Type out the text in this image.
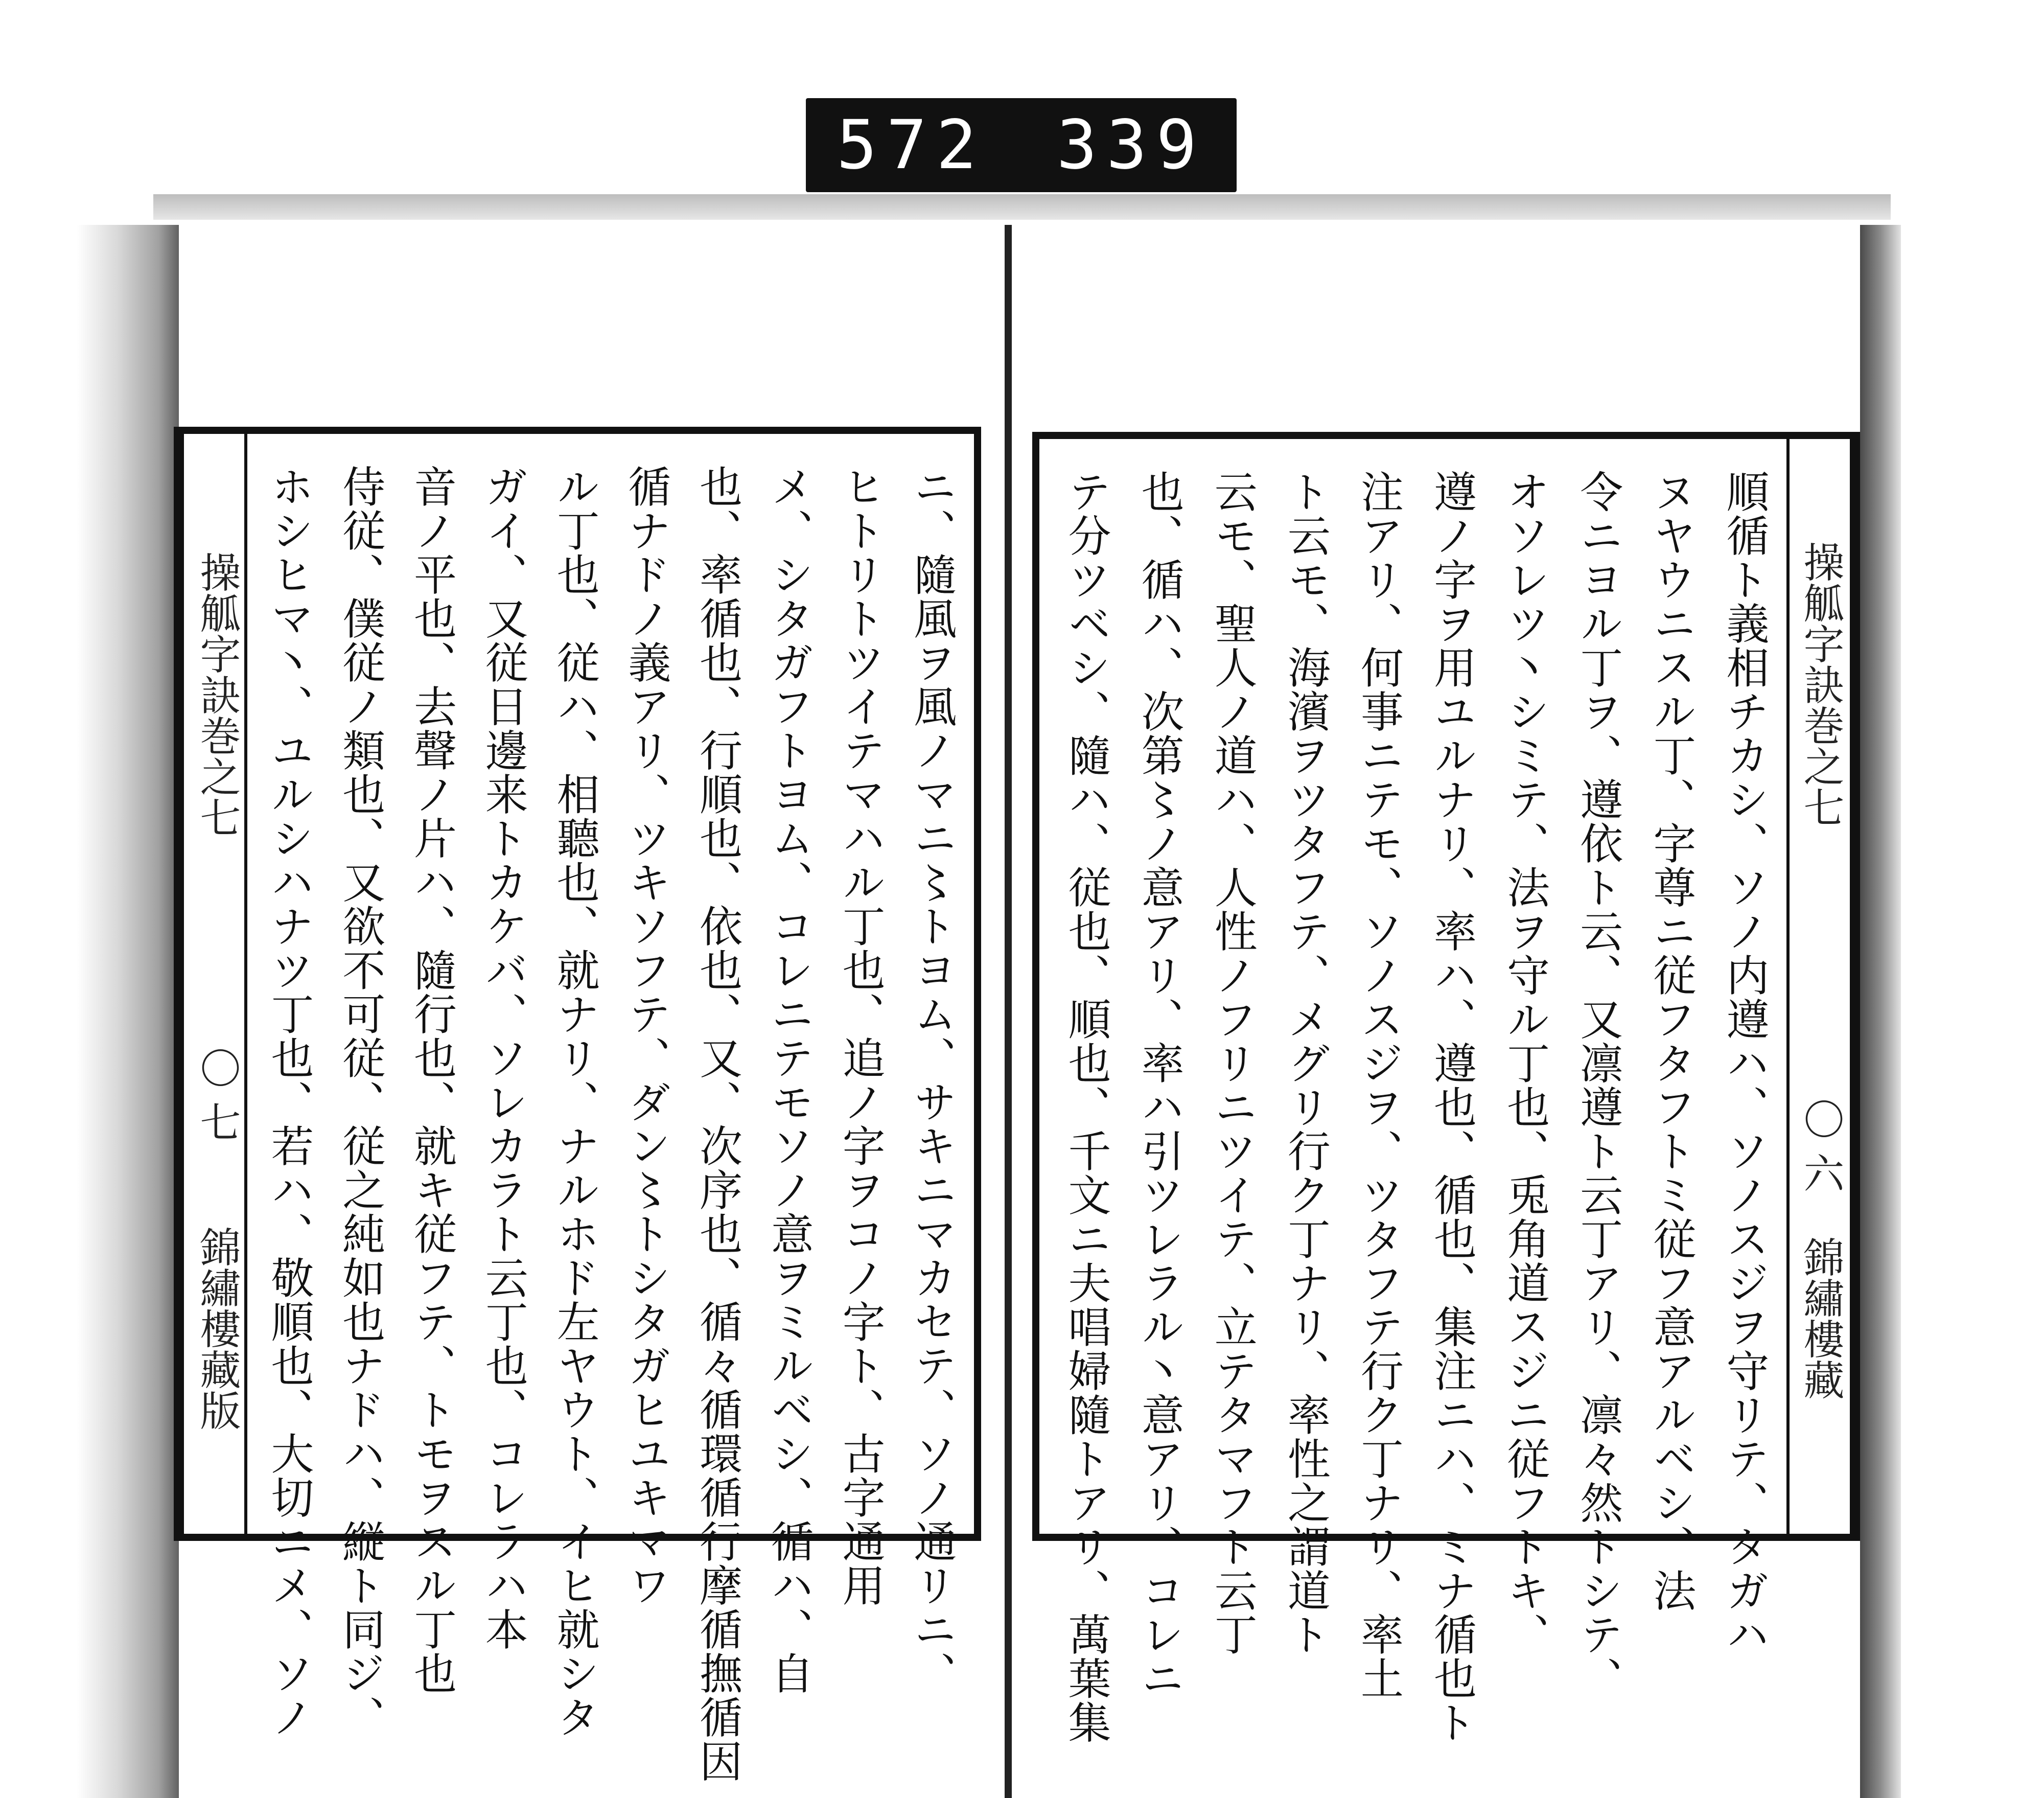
572 339
操觚字訣巻之七
〇 七
錦繡樓藏版	ニ、隨風ヲ風ノマニ〻トヨム、サキニマカセテ、ソノ通リニ、
ヒトリトツイテマハル丁也、追ノ字ヲコノ字ト、古字通用
メ、シタガフトヨム、コレニテモソノ意ヲミルベシ、循ハ、自
也、率循也、行順也、依也、又、次序也、循々循環循行摩循撫循因
循ナドノ義アリ、ツキソフテ、ダン〻トシタガヒユキマワ
ル丁也、従ハ、相聽也、就ナリ、ナルホド左ヤウト、イヒ就シタ
ガイ、又従日邊来トカケバ、ソレカラト云丁也、コレラハ本
音ノ平也、去聲ノ片ハ、隨行也、就キ従フテ、トモヲスル丁也
侍従、僕従ノ類也、又欲不可従、従之純如也ナドハ、縦ト同ジ、
ホシヒマ丶、ユルシハナツ丁也、若ハ、敬順也、大切ニメ、ソノ	操觚字訣巻之七
〇 六
錦繡樓藏
順循ト義相チカシ、ソノ内遵ハ、ソノスジヲ守リテ、タガハ
ヌヤウニスル丁、字尊ニ従フタフトミ従フ意アルベシ、法
令ニヨル丁ヲ、遵依ト云、又凛遵ト云丁アリ、凛々然トシテ、
オソレツ丶シミテ、法ヲ守ル丁也、兎角道スジニ従フトキ、
遵ノ字ヲ用ユルナリ、率ハ、遵也、循也、集注ニハ、ミナ循也ト
注アリ、何事ニテモ、ソノスジヲ、ツタフテ行ク丁ナリ、率土
ト云モ、海濱ヲツタフテ、メグリ行ク丁ナリ、率性之謂道ト
云モ、聖人ノ道ハ、人性ノフリニツイテ、立テタマフト云丁
也、循ハ、次第〻ノ意アリ、率ハ引ツレラル丶意アリ、コレニ
テ分ツベシ、隨ハ、従也、順也、千文ニ夫唱婦隨トアリ、萬葉集
